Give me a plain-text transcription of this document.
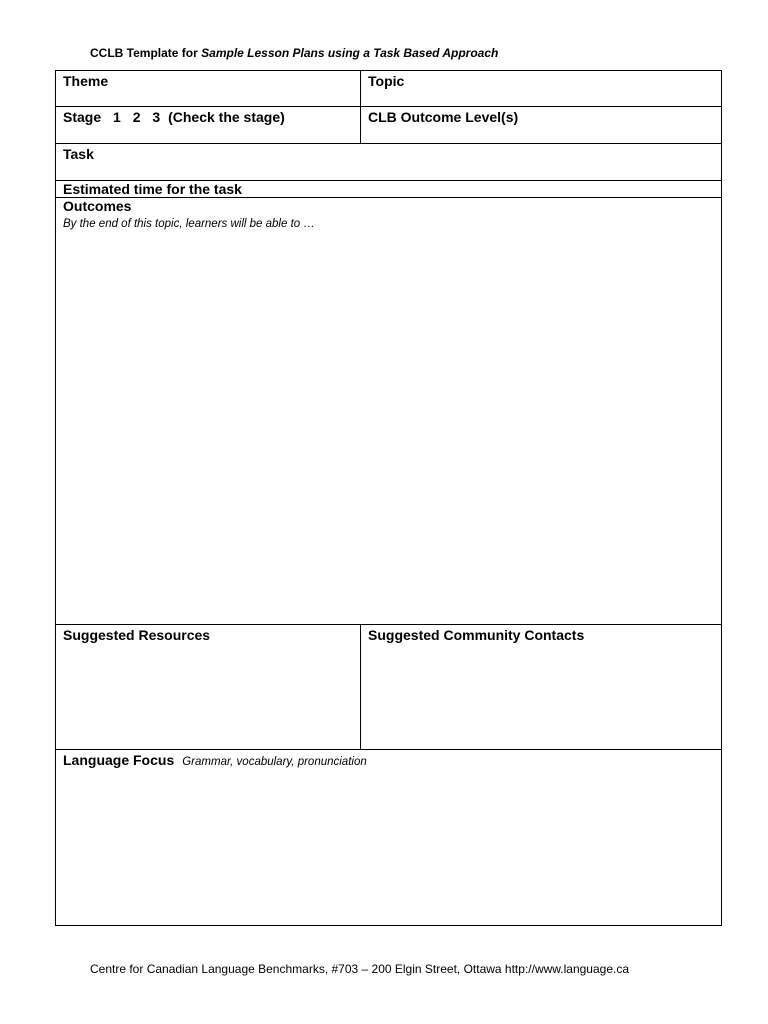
CCLB Template for Sample Lesson Plans using a Task Based Approach
Theme	Topic
Stage 1 2 3 (Check the stage)	CLB Outcome Level(s)
Task
Estimated time for the task
Outcomes
By the end of this topic, learners will be able to …
Suggested Resources	Suggested Community Contacts
Language Focus Grammar, vocabulary, pronunciation
Centre for Canadian Language Benchmarks, #703 – 200 Elgin Street, Ottawa http://www.language.ca
